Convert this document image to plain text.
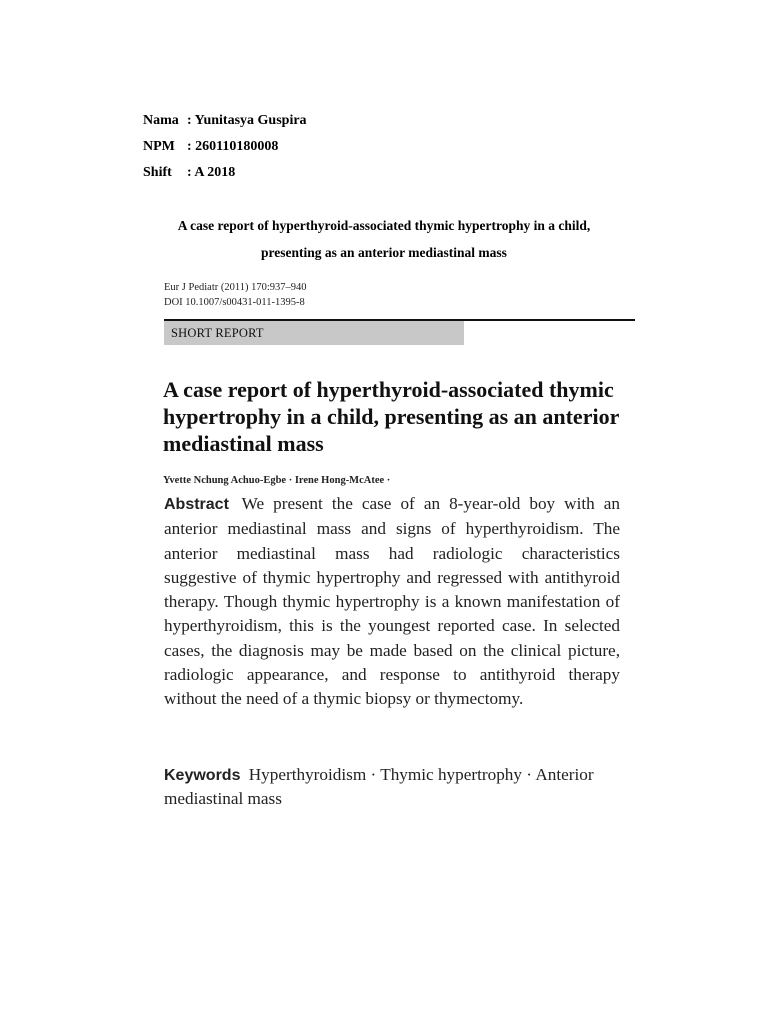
Nama : Yunitasya Guspira
NPM : 260110180008
Shift : A 2018
A case report of hyperthyroid-associated thymic hypertrophy in a child,
presenting as an anterior mediastinal mass
Eur J Pediatr (2011) 170:937–940
DOI 10.1007/s00431-011-1395-8
SHORT REPORT
A case report of hyperthyroid-associated thymic hypertrophy in a child, presenting as an anterior mediastinal mass
Yvette Nchung Achuo-Egbe · Irene Hong-McAtee ·
Abstract We present the case of an 8-year-old boy with an anterior mediastinal mass and signs of hyperthyroidism. The anterior mediastinal mass had radiologic characteristics suggestive of thymic hypertrophy and regressed with antithyroid therapy. Though thymic hypertrophy is a known manifestation of hyperthyroidism, this is the youngest reported case. In selected cases, the diagnosis may be made based on the clinical picture, radiologic appearance, and response to antithyroid therapy without the need of a thymic biopsy or thymectomy.
Keywords Hyperthyroidism · Thymic hypertrophy · Anterior mediastinal mass
